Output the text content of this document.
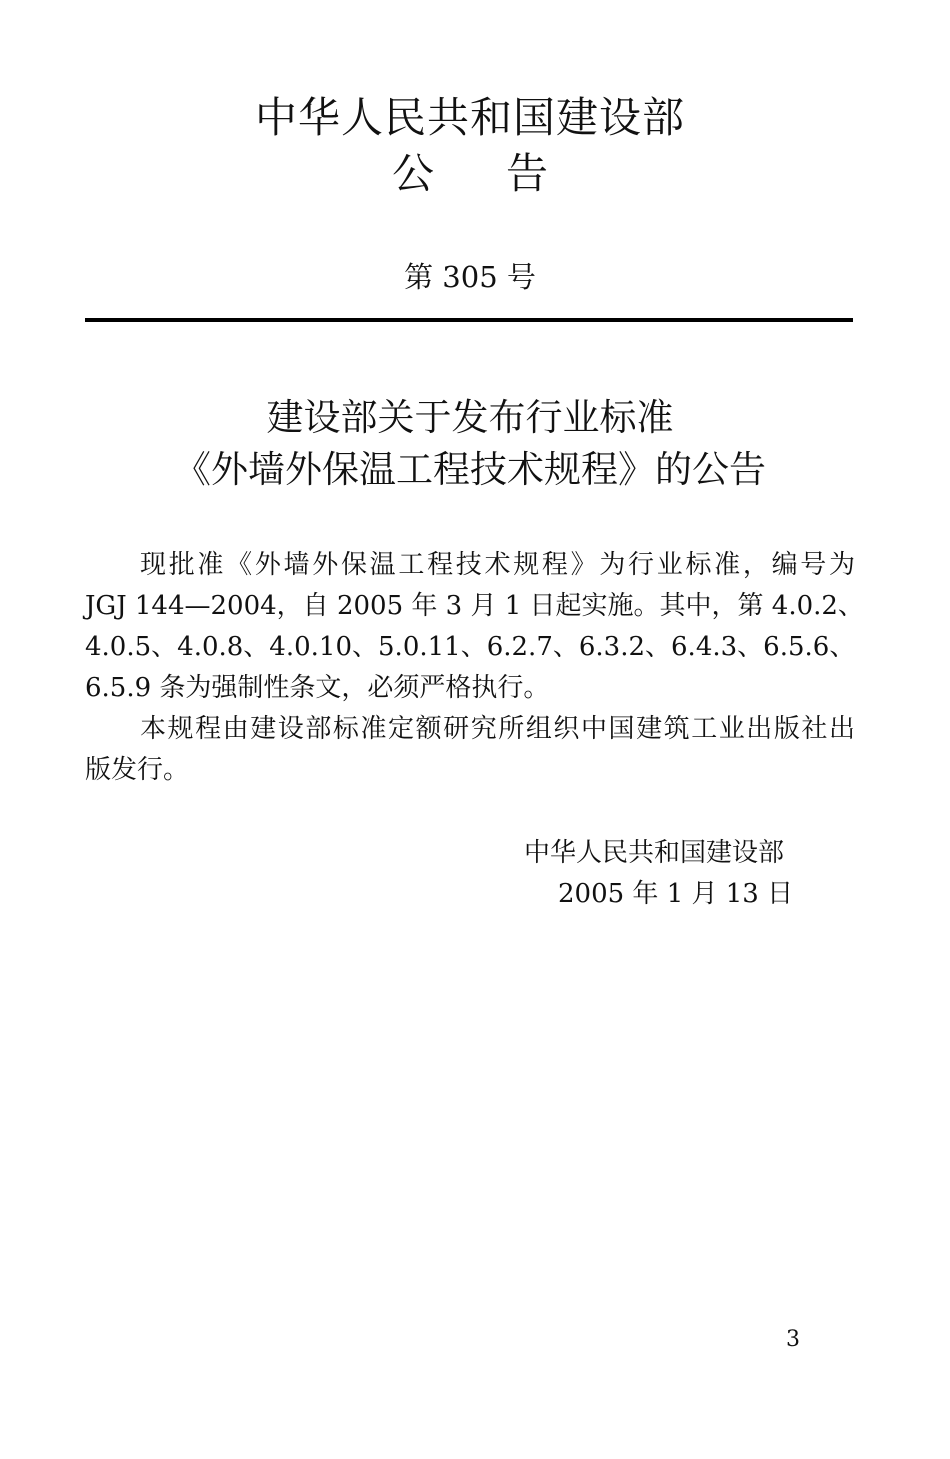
中华人民共和国建设部
公告
第 305 号
建设部关于发布行业标准
《外墙外保温工程技术规程》的公告
现批准《外墙外保温工程技术规程》为行业标准，编号为
JGJ 144—2004，自 2005 年 3 月 1 日起实施。其中，第 4.0.2、
4.0.5、4.0.8、4.0.10、5.0.11、6.2.7、6.3.2、6.4.3、6.5.6、
6.5.9 条为强制性条文，必须严格执行。
本规程由建设部标准定额研究所组织中国建筑工业出版社出
版发行。
中华人民共和国建设部
2005 年 1 月 13 日
3
